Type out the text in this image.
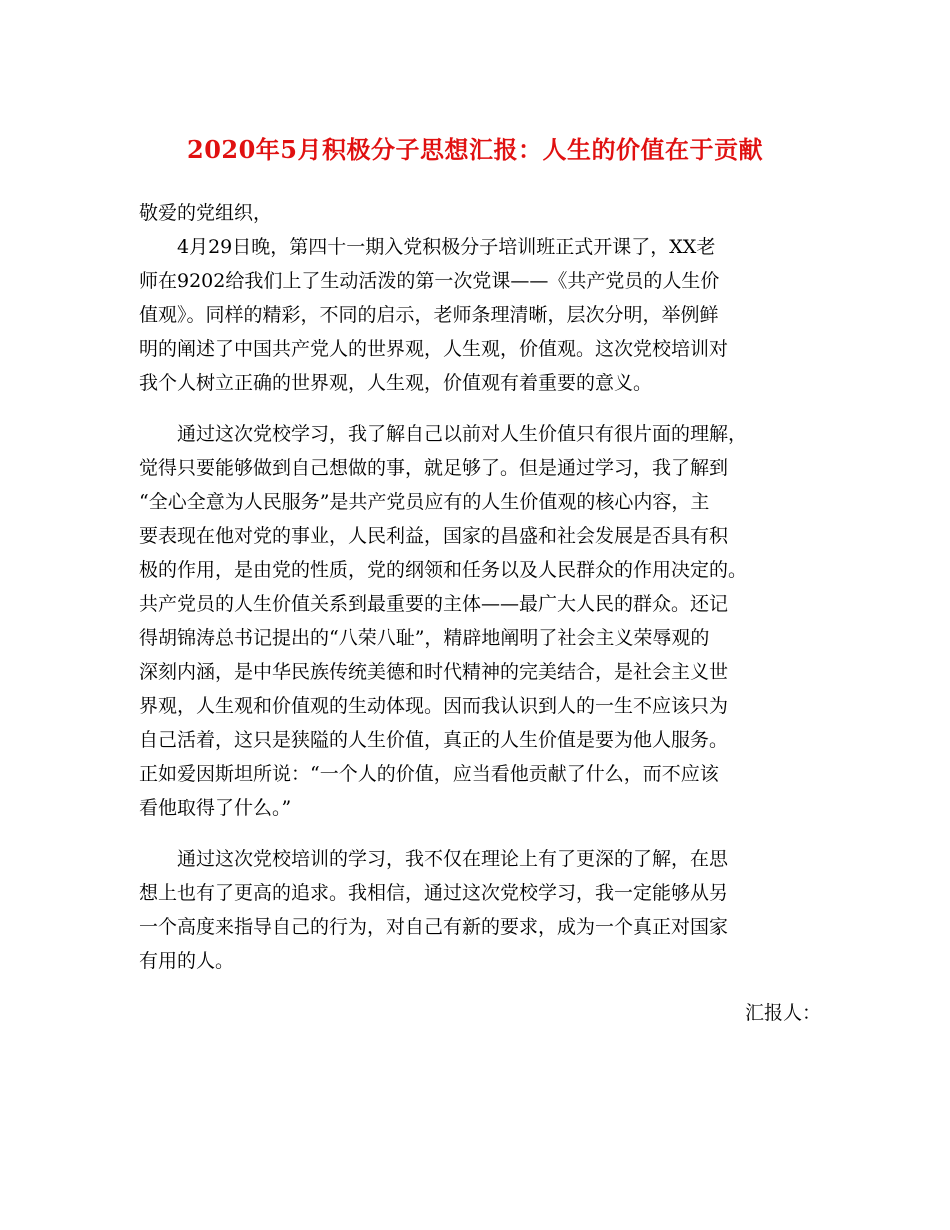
2020年5月积极分子思想汇报：人生的价值在于贡献
敬爱的党组织，
　　4月29日晚，第四十一期入党积极分子培训班正式开课了，XX老
师在9202给我们上了生动活泼的第一次党课——《共产党员的人生价
值观》。同样的精彩，不同的启示，老师条理清晰，层次分明，举例鲜
明的阐述了中国共产党人的世界观，人生观，价值观。这次党校培训对
我个人树立正确的世界观，人生观，价值观有着重要的意义。
　　通过这次党校学习，我了解自己以前对人生价值只有很片面的理解，
觉得只要能够做到自己想做的事，就足够了。但是通过学习，我了解到
“全心全意为人民服务”是共产党员应有的人生价值观的核心内容，主
要表现在他对党的事业，人民利益，国家的昌盛和社会发展是否具有积
极的作用，是由党的性质，党的纲领和任务以及人民群众的作用决定的。
共产党员的人生价值关系到最重要的主体——最广大人民的群众。还记
得胡锦涛总书记提出的“八荣八耻”，精辟地阐明了社会主义荣辱观的
深刻内涵，是中华民族传统美德和时代精神的完美结合，是社会主义世
界观，人生观和价值观的生动体现。因而我认识到人的一生不应该只为
自己活着，这只是狭隘的人生价值，真正的人生价值是要为他人服务。
正如爱因斯坦所说：“一个人的价值，应当看他贡献了什么，而不应该
看他取得了什么。”
　　通过这次党校培训的学习，我不仅在理论上有了更深的了解，在思
想上也有了更高的追求。我相信，通过这次党校学习，我一定能够从另
一个高度来指导自己的行为，对自己有新的要求，成为一个真正对国家
有用的人。
汇报人：
